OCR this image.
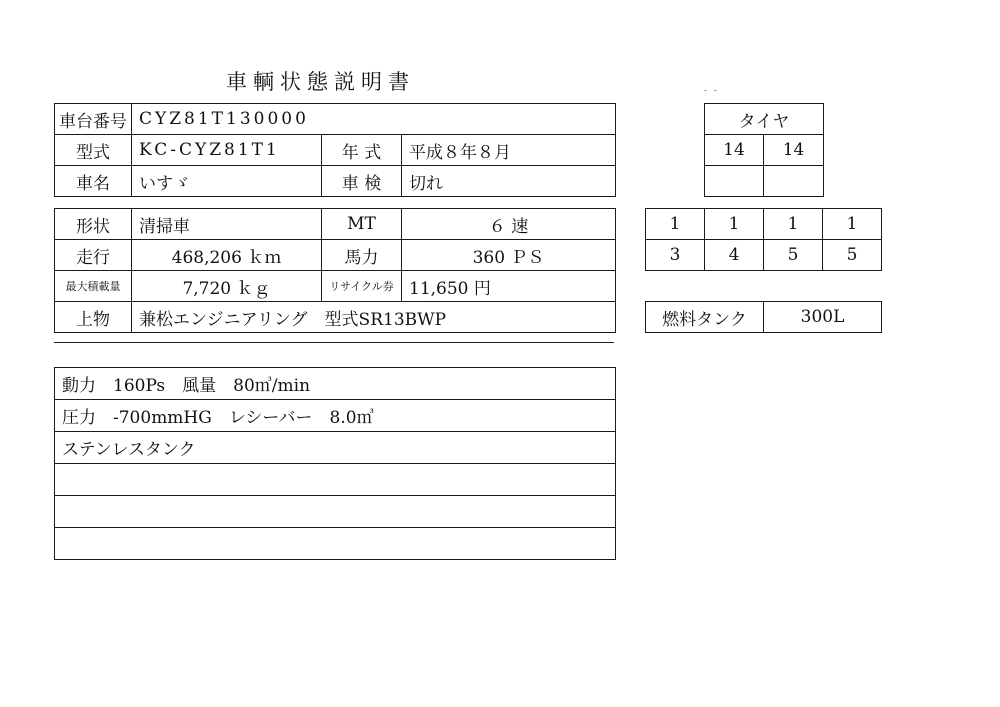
車輌状態説明書	- -
車台番号	CYZ81T130000		
型式	KC-CYZ81T1	年 式	平成８年８月
車名	いすゞ	車 検	切れ
形状	清掃車	MT	６ 速
走行	468,206 ｋｍ	馬力	360 ＰＳ
最大積載量	7,720 ｋｇ	リサイクル券	11,650 円
上物	兼松エンジニアリング　型式SR13BWP		
動力　160Ps　風量　80㎥/min
圧力　-700mmHG　レシーバー　8.0㎥
ステンレスタンク

タイヤ	
14	14

1	1	1	1
3	4	5	5
燃料タンク	300L
